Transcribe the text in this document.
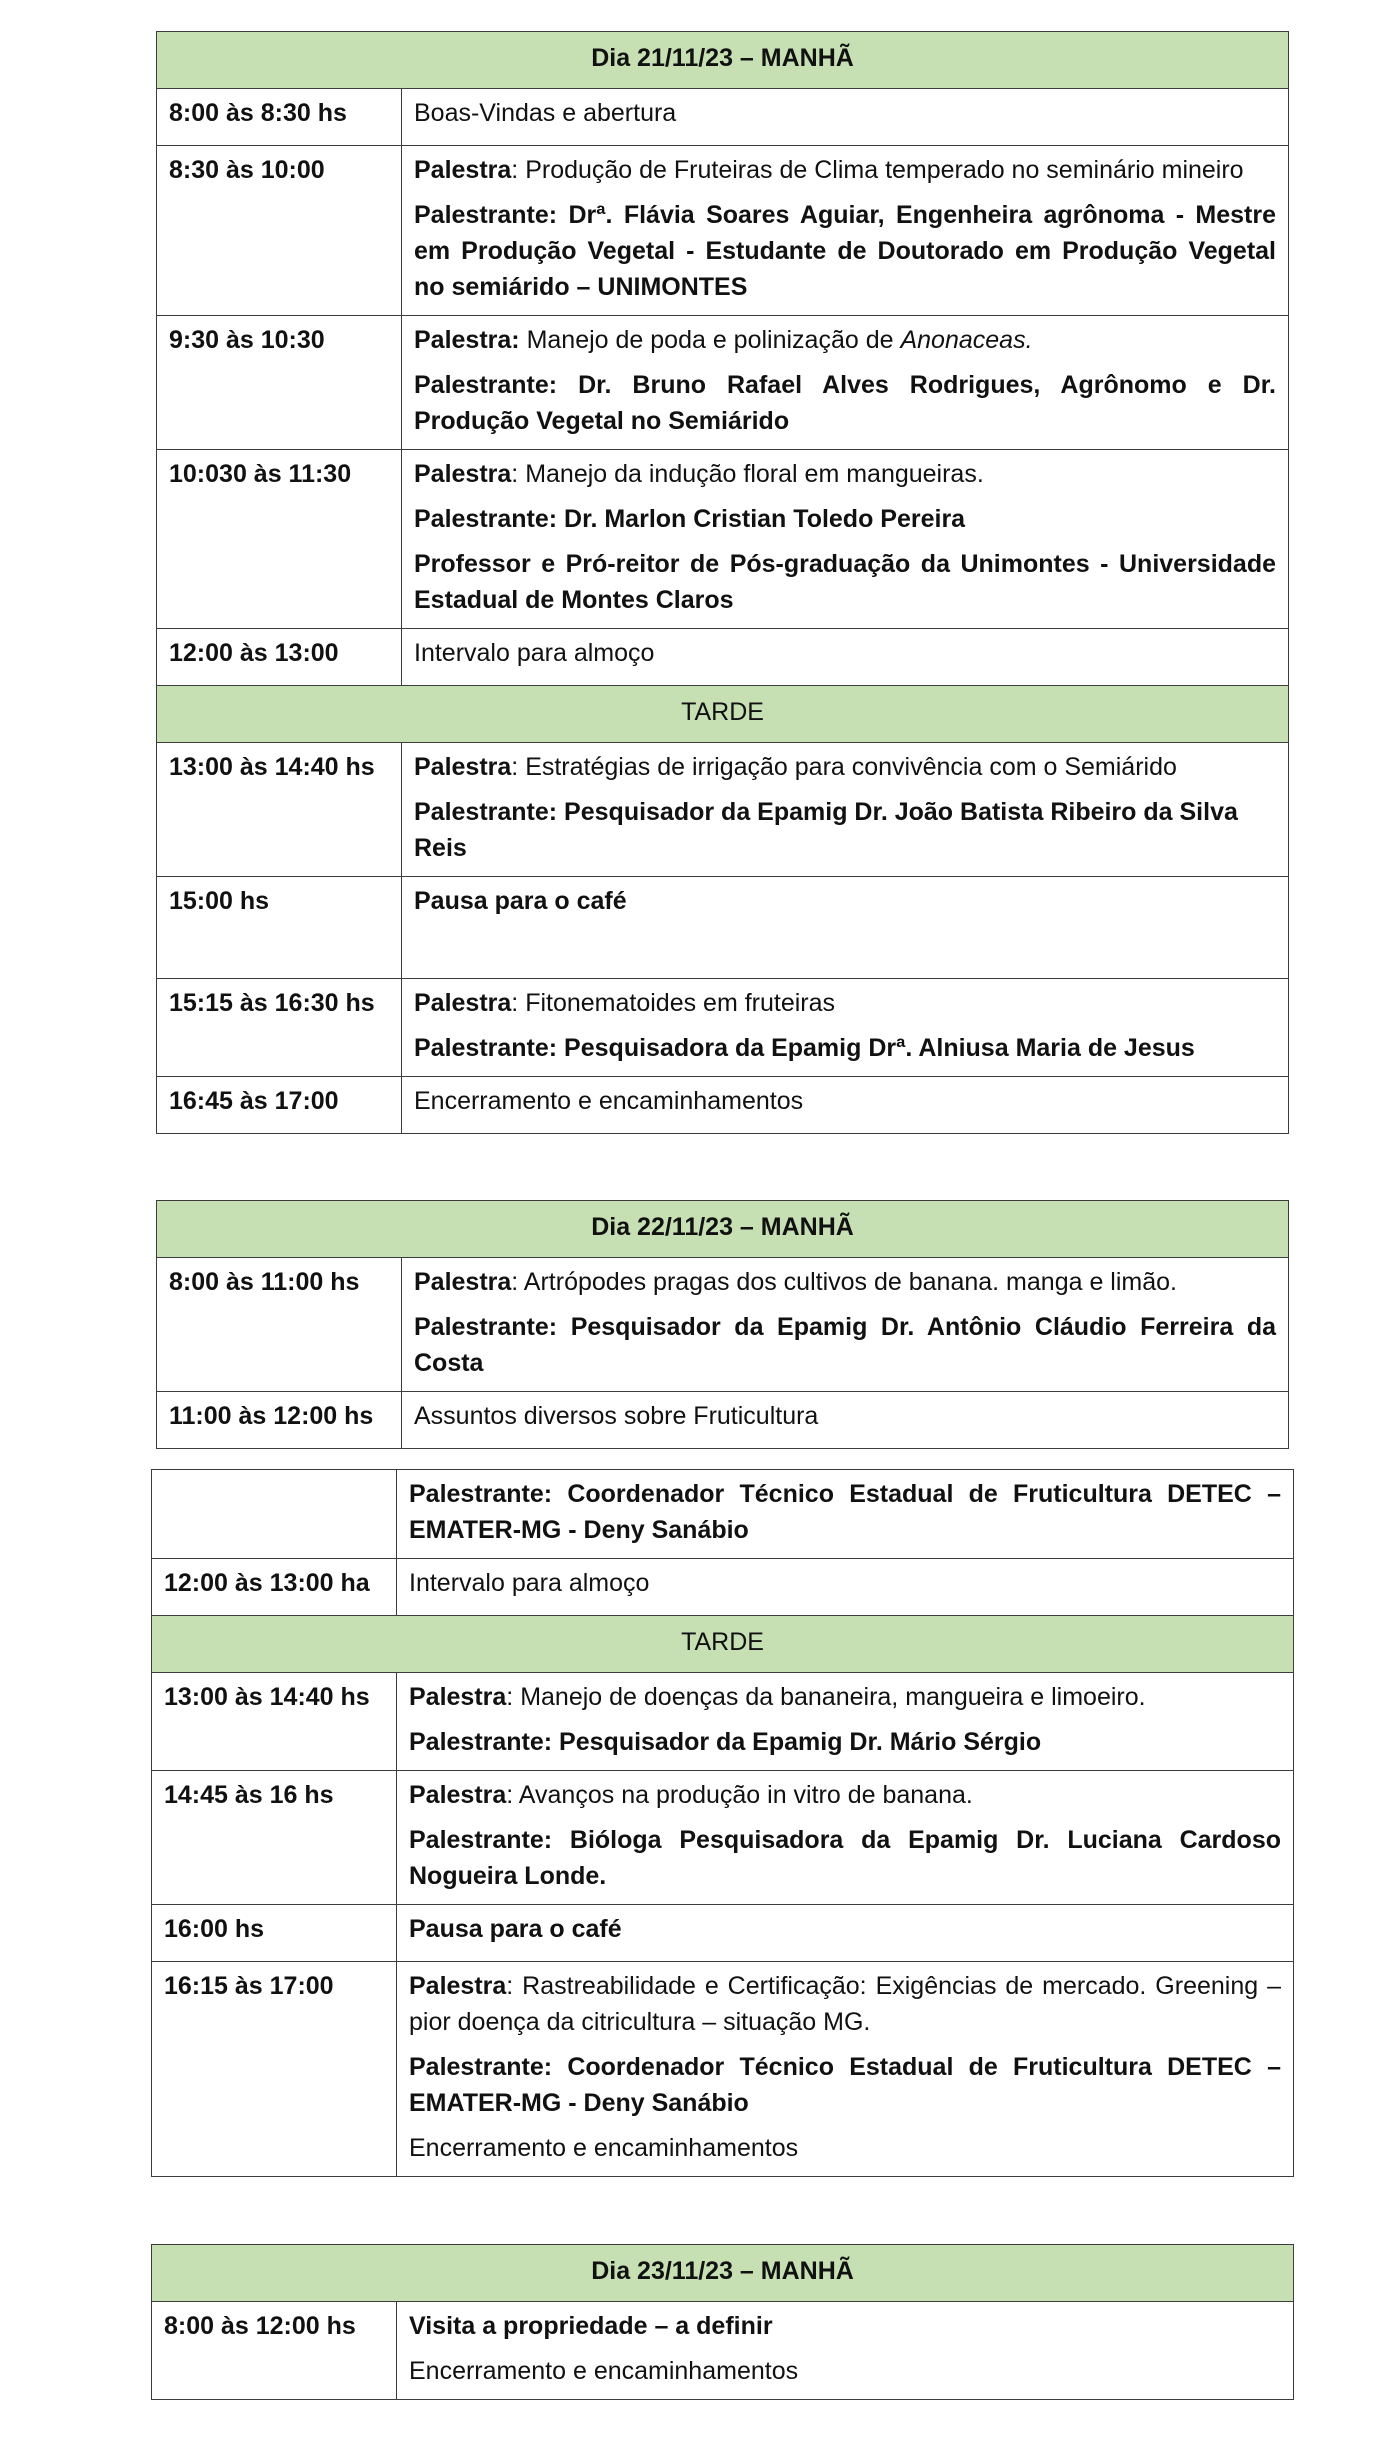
Dia 21/11/23 – MANHÃ	
8:00 às 8:30 hs	Boas-Vindas e abertura
8:30 às 10:00	Palestra: Produção de Fruteiras de Clima temperado no seminário mineiro
Palestrante: Drª. Flávia Soares Aguiar, Engenheira agrônoma - Mestre em Produção Vegetal - Estudante de Doutorado em Produção Vegetal no semiárido – UNIMONTES

9:30 às 10:30	Palestra: Manejo de poda e polinização de Anonaceas.
Palestrante: Dr. Bruno Rafael Alves Rodrigues, Agrônomo e Dr. Produção Vegetal no Semiárido

10:030 às 11:30	Palestra: Manejo da indução floral em mangueiras.
Palestrante: Dr. Marlon Cristian Toledo Pereira
Professor e Pró-reitor de Pós-graduação da Unimontes - Universidade Estadual de Montes Claros

12:00 às 13:00	Intervalo para almoço
TARDE	
13:00 às 14:40 hs	Palestra: Estratégias de irrigação para convivência com o Semiárido
Palestrante: Pesquisador da Epamig Dr. João Batista Ribeiro da Silva Reis

15:00 hs	Pausa para o café
15:15 às 16:30 hs	Palestra: Fitonematoides em fruteiras
Palestrante: Pesquisadora da Epamig Drª. Alniusa Maria de Jesus

16:45 às 17:00	Encerramento e encaminhamentos
Dia 22/11/23 – MANHÃ	
8:00 às 11:00 hs	Palestra: Artrópodes pragas dos cultivos de banana. manga e limão.
Palestrante: Pesquisador da Epamig Dr. Antônio Cláudio Ferreira da Costa

11:00 às 12:00 hs	Assuntos diversos sobre Fruticultura

	Palestrante: Coordenador Técnico Estadual de Fruticultura DETEC – EMATER-MG - Deny Sanábio

12:00 às 13:00 ha	Intervalo para almoço
TARDE	
13:00 às 14:40 hs	Palestra: Manejo de doenças da bananeira, mangueira e limoeiro.
Palestrante: Pesquisador da Epamig Dr. Mário Sérgio

14:45 às 16 hs	Palestra: Avanços na produção in vitro de banana.
Palestrante: Bióloga Pesquisadora da Epamig Dr. Luciana Cardoso Nogueira Londe.

16:00 hs	Pausa para o café
16:15 às 17:00	Palestra: Rastreabilidade e Certificação: Exigências de mercado. Greening – pior doença da citricultura – situação MG.
Palestrante: Coordenador Técnico Estadual de Fruticultura DETEC – EMATER-MG - Deny Sanábio
Encerramento e encaminhamentos
Dia 23/11/23 – MANHÃ
8:00 às 12:00 hs	Visita a propriedade – a definir
Encerramento e encaminhamentos
